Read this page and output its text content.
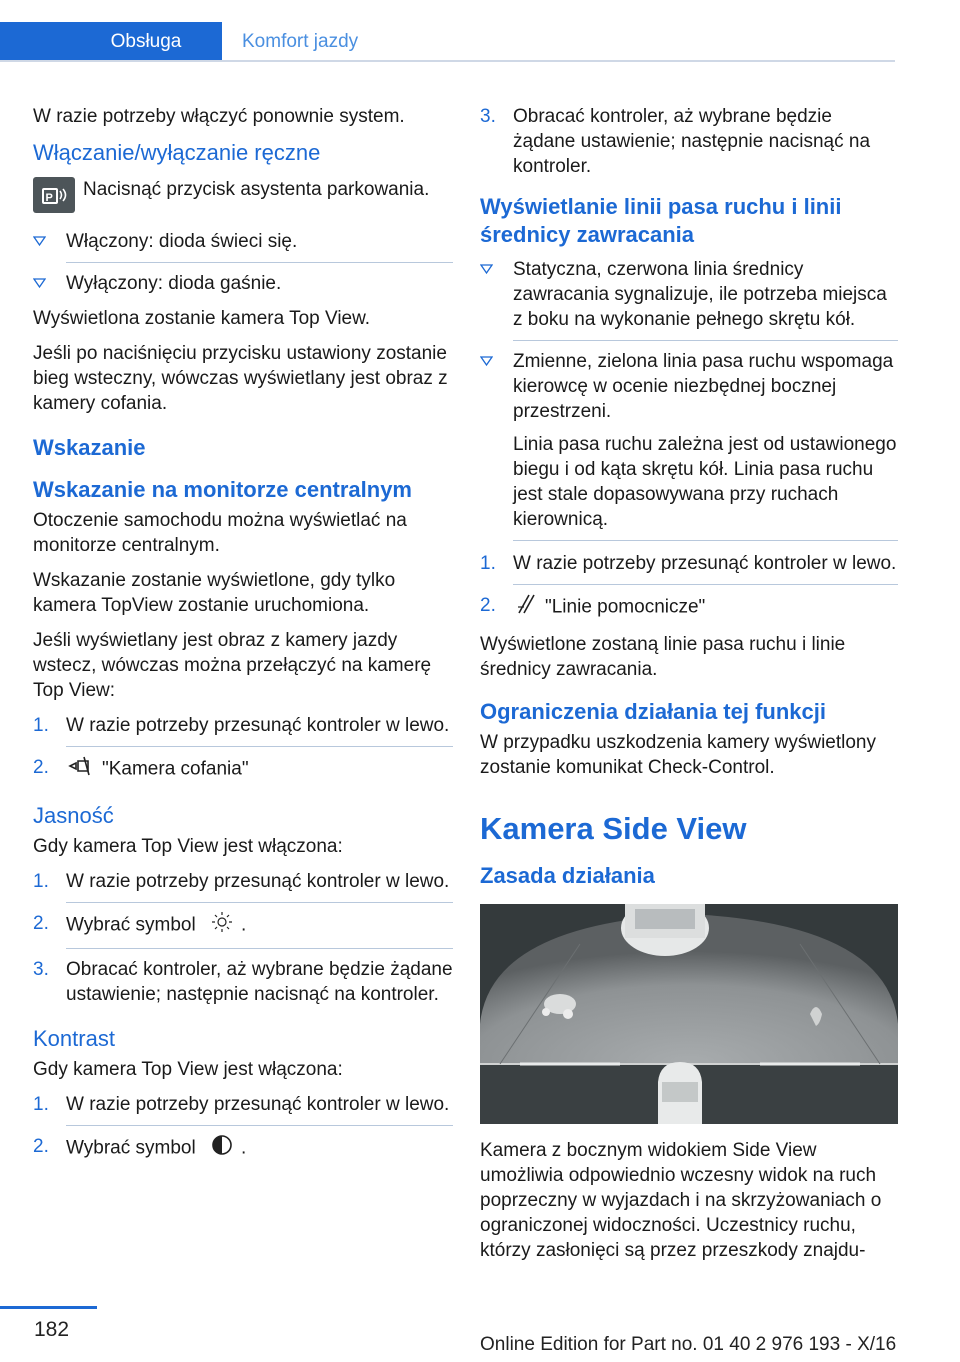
Obsługa	Komfort jazdy

W razie potrzeby włączyć ponownie system.

Włączanie/wyłączanie ręczne
P Nacisnąć przycisk asystenta parkowania.
Włączony: dioda świeci się.
Wyłączony: dioda gaśnie.

Wyświetlona zostanie kamera Top View.

Jeśli po naciśnięciu przycisku ustawiony zostanie bieg wsteczny, wówczas wyświetlany jest obraz z kamery cofania.

Wskazanie
Wskazanie na monitorze centralnym

Otoczenie samochodu można wyświetlać na monitorze centralnym.

Wskazanie zostanie wyświetlone, gdy tylko kamera TopView zostanie uruchomiona.

Jeśli wyświetlany jest obraz z kamery jazdy wstecz, wówczas można przełączyć na kamerę Top View:

1. W razie potrzeby przesunąć kontroler w lewo.
2.	"Kamera cofania"
Jasność

Gdy kamera Top View jest włączona:

1. W razie potrzeby przesunąć kontroler w lewo.
2. Wybrać symbol .
3. Obracać kontroler, aż wybrane będzie żądane ustawienie; następnie nacisnąć na kontroler.
Kontrast

Gdy kamera Top View jest włączona:

1. W razie potrzeby przesunąć kontroler w lewo.
2. Wybrać symbol .
3. Obracać kontroler, aż wybrane będzie żądane ustawienie; następnie nacisnąć na kontroler.
Wyświetlanie linii pasa ruchu i linii średnicy zawracania
Statyczna, czerwona linia średnicy zawracania sygnalizuje, ile potrzeba miejsca z boku na wykonanie pełnego skrętu kół.
Zmienne, zielona linia pasa ruchu wspomaga kierowcę w ocenie niezbędnej bocznej przestrzeni.

Linia pasa ruchu zależna jest od ustawionego biegu i od kąta skrętu kół. Linia pasa ruchu jest stale dopasowywana przy ruchach kierownicą.

1. W razie potrzeby przesunąć kontroler w lewo.
2.	"Linie pomocnicze"

Wyświetlone zostaną linie pasa ruchu i linie średnicy zawracania.

Ograniczenia działania tej funkcji

W przypadku uszkodzenia kamery wyświetlony zostanie komunikat Check-Control.

Kamera Side View
Zasada działania

Kamera z bocznym widokiem Side View umożliwia odpowiednio wczesny widok na ruch poprzeczny w wyjazdach i na skrzyżowaniach o ograniczonej widoczności. Uczestnicy ruchu, którzy zasłonięci są przez przeszkody znajdu-

182
Online Edition for Part no. 01 40 2 976 193 - X/16
